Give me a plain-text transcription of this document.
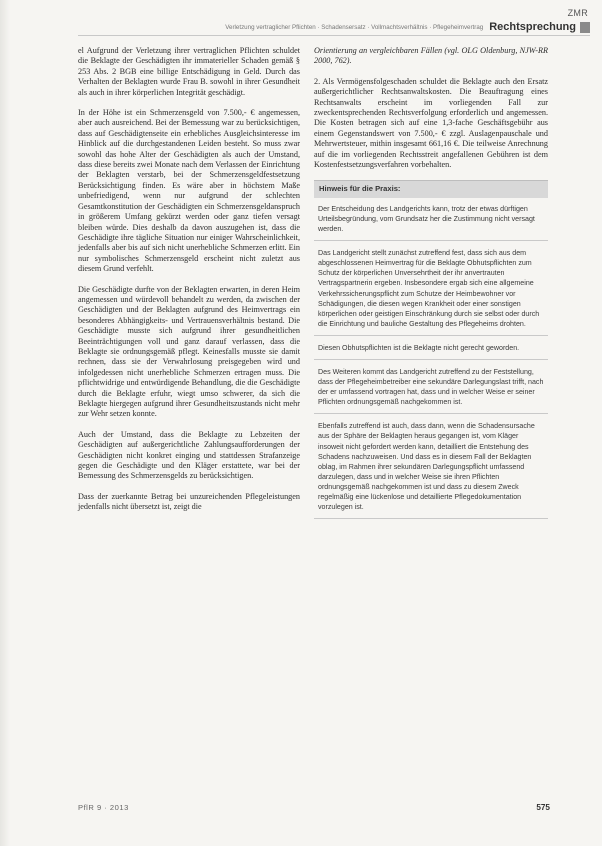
ZMR
Verletzung vertraglicher Pflichten · Schadensersatz · Vollmachtsverhältnis · Pflegeheimvertrag Rechtsprechung

el Aufgrund der Verletzung ihrer vertraglichen Pflichten schuldet die Beklagte der Geschädigten ihr immaterieller Schaden gemäß § 253 Abs. 2 BGB eine billige Entschädigung in Geld. Durch das Verhalten der Beklagten wurde Frau B. sowohl in ihrer Gesundheit als auch in ihrer körperlichen Integrität geschädigt.

In der Höhe ist ein Schmerzensgeld von 7.500,- € angemessen, aber auch ausreichend. Bei der Bemessung war zu berücksichtigen, dass auf Geschädigtenseite ein erhebliches Ausgleichsinteresse im Hinblick auf die durchgestandenen Leiden besteht. So muss zwar sowohl das hohe Alter der Geschädigten als auch der Umstand, dass diese bereits zwei Monate nach dem Verlassen der Einrichtung der Beklagten verstarb, bei der Schmerzensgeldfestsetzung Berücksichtigung finden. Es wäre aber in höchstem Maße unbefriedigend, wenn nur aufgrund der schlechten Gesamtkonstitution der Geschädigten ein Schmerzensgeldanspruch in größerem Umfang gekürzt werden oder ganz tiefen versagt bleiben würde. Dies deshalb da davon auszugehen ist, dass die Geschädigte ihre tägliche Situation nur einiger Wahrscheinlichkeit, jedenfalls aber bis auf sich nicht unerhebliche Schmerzen erlitt. Ein nur symbolisches Schmerzensgeld erscheint nicht zuletzt aus diesem Grund verfehlt.

Die Geschädigte durfte von der Beklagten erwarten, in deren Heim angemessen und würdevoll behandelt zu werden, da zwischen der Geschädigten und der Beklagten aufgrund des Heimvertrags ein besonderes Abhängigkeits- und Vertrauensverhältnis bestand. Die Geschädigte musste sich aufgrund ihrer gesundheitlichen Beeinträchtigungen voll und ganz darauf verlassen, dass die Beklagte sie ordnungsgemäß pflegt. Keinesfalls musste sie damit rechnen, dass sie der Verwahrlosung preisgegeben wird und infolgedessen nicht unerhebliche Schmerzen ertragen muss. Die pflichtwidrige und entwürdigende Behandlung, die die Geschädigte durch die Beklagte erfuhr, wiegt umso schwerer, da sich die Beklagte hiergegen aufgrund ihrer Gesundheitszustands nicht mehr zur Wehr setzen konnte.

Auch der Umstand, dass die Beklagte zu Lebzeiten der Geschädigten auf außergerichtliche Zahlungsaufforderungen der Geschädigten nicht konkret einging und stattdessen Strafanzeige gegen die Geschädigte und den Kläger erstattete, war bei der Bemessung des Schmerzensgelds zu berücksichtigen.

Dass der zuerkannte Betrag bei unzureichenden Pflegeleistungen jedenfalls nicht übersetzt ist, zeigt die

Orientierung an vergleichbaren Fällen (vgl. OLG Oldenburg, NJW-RR 2000, 762).

2. Als Vermögensfolgeschaden schuldet die Beklagte auch den Ersatz außergerichtlicher Rechtsanwaltskosten. Die Beauftragung eines Rechtsanwalts erscheint im vorliegenden Fall zur zweckentsprechenden Rechtsverfolgung erforderlich und angemessen. Die Kosten betragen sich auf eine 1,3-fache Geschäftsgebühr aus einem Gegenstandswert von 7.500,- € zzgl. Auslagenpauschale und Mehrwertsteuer, mithin insgesamt 661,16 €. Die teilweise Anrechnung auf die im vorliegenden Rechtsstreit angefallenen Gebühren ist dem Kostenfestsetzungsverfahren vorbehalten.

Hinweis für die Praxis:

Der Entscheidung des Landgerichts kann, trotz der etwas dürftigen Urteilsbegründung, vom Grundsatz her die Zustimmung nicht versagt werden.

Das Landgericht stellt zunächst zutreffend fest, dass sich aus dem abgeschlossenen Heimvertrag für die Beklagte Obhutspflichten zum Schutz der körperlichen Unversehrtheit der ihr anvertrauten Vertragspartnerin ergeben. Insbesondere ergab sich eine allgemeine Verkehrssicherungspflicht zum Schutze der Heimbewohner vor Schädigungen, die diesen wegen Krankheit oder einer sonstigen körperlichen oder geistigen Einschränkung durch sie selbst oder durch die Einrichtung und bauliche Gestaltung des Pflegeheims drohten.

Diesen Obhutspflichten ist die Beklagte nicht gerecht geworden.

Des Weiteren kommt das Landgericht zutreffend zu der Feststellung, dass der Pflegeheimbetreiber eine sekundäre Darlegungslast trifft, nach der er umfassend vortragen hat, dass und in welcher Weise er seiner Pflichten ordnungsgemäß nachgekommen ist.

Ebenfalls zutreffend ist auch, dass dann, wenn die Schadensursache aus der Sphäre der Beklagten heraus gegangen ist, vom Kläger insoweit nicht gefordert werden kann, detailliert die Entstehung des Schadens nachzuweisen. Und dass es in diesem Fall der Beklagten oblag, im Rahmen ihrer sekundären Darlegungspflicht umfassend darzulegen, dass und in welcher Weise sie ihren Pflichten ordnungsgemäß nachgekommen ist und dass zu diesem Zweck regelmäßig eine lückenlose und detaillierte Pflegedokumentation vorzulegen ist.

PflR 9 · 2013	575
